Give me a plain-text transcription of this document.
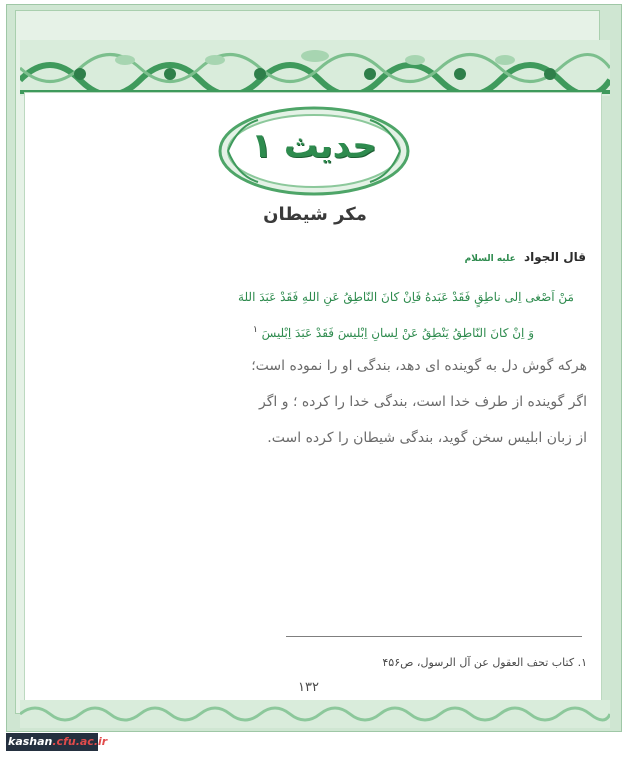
حدیث ۱
مکر شیطان
قال الجواد علیه السلام
مَنْ اَصْغی اِلی ناطِقٍ فَقَدْ عَبَدهُ فَاِنْ کانَ النّاطِقُ عَنِ اللهِ فَقَدْ عَبَدَ اللهَ
وَ اِنْ کانَ النّاطِقُ یَنْطِقُ عَنْ لِسانِ اِبْلیسَ فَقَدْ عَبَدَ اِبْلیسَ $^۱$
هرکه گوش دل به گوینده ای دهد، بندگی او را نموده است؛
اگر گوینده از طرف خدا است، بندگی خدا را کرده ؛ و اگر
از زبان ابلیس سخن گوید، بندگی شیطان را کرده است.
۱. کتاب تحف العقول عن آل الرسول، ص۴۵۶
۱۳۲
kashan.cfu.ac.ir
